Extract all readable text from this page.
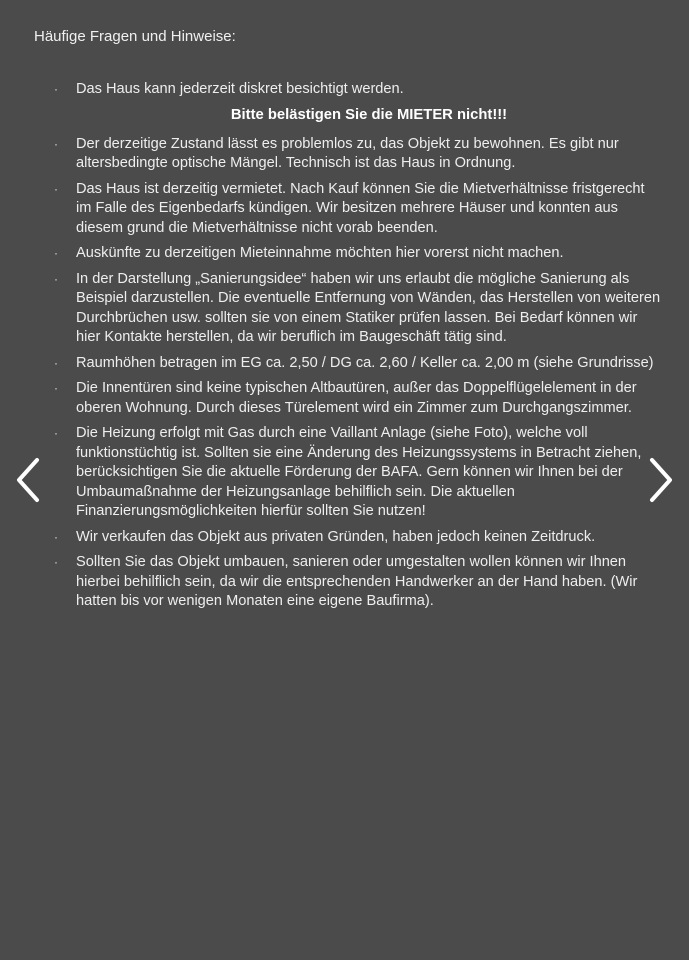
Häufige Fragen und Hinweise:
· Das Haus kann jederzeit diskret besichtigt werden.
Bitte belästigen Sie die MIETER nicht!!!
· Der derzeitige Zustand lässt es problemlos zu, das Objekt zu bewohnen. Es gibt nur altersbedingte optische Mängel. Technisch ist das Haus in Ordnung.
· Das Haus ist derzeitig vermietet. Nach Kauf können Sie die Mietverhältnisse fristgerecht im Falle des Eigenbedarfs kündigen. Wir besitzen mehrere Häuser und konnten aus diesem grund die Mietverhältnisse nicht vorab beenden.
· Auskünfte zu derzeitigen Mieteinnahme möchten hier vorerst nicht machen.
· In der Darstellung „Sanierungsidee“ haben wir uns erlaubt die mögliche Sanierung als Beispiel darzustellen. Die eventuelle Entfernung von Wänden, das Herstellen von weiteren Durchbrüchen usw. sollten sie von einem Statiker prüfen lassen. Bei Bedarf können wir hier Kontakte herstellen, da wir beruflich im Baugeschäft tätig sind.
· Raumhöhen betragen im EG ca. 2,50 / DG ca. 2,60 / Keller ca. 2,00 m (siehe Grundrisse)
· Die Innentüren sind keine typischen Altbautüren, außer das Doppelflügelelement in der oberen Wohnung. Durch dieses Türelement wird ein Zimmer zum Durchgangszimmer.
· Die Heizung erfolgt mit Gas durch eine Vaillant Anlage (siehe Foto), welche voll funktionstüchtig ist. Sollten sie eine Änderung des Heizungssystems in Betracht ziehen, berücksichtigen Sie die aktuelle Förderung der BAFA. Gern können wir Ihnen bei der Umbaumaßnahme der Heizungsanlage behilflich sein. Die aktuellen Finanzierungsmöglichkeiten hierfür sollten Sie nutzen!
· Wir verkaufen das Objekt aus privaten Gründen, haben jedoch keinen Zeitdruck.
· Sollten Sie das Objekt umbauen, sanieren oder umgestalten wollen können wir Ihnen hierbei behilflich sein, da wir die entsprechenden Handwerker an der Hand haben. (Wir hatten bis vor wenigen Monaten eine eigene Baufirma).
